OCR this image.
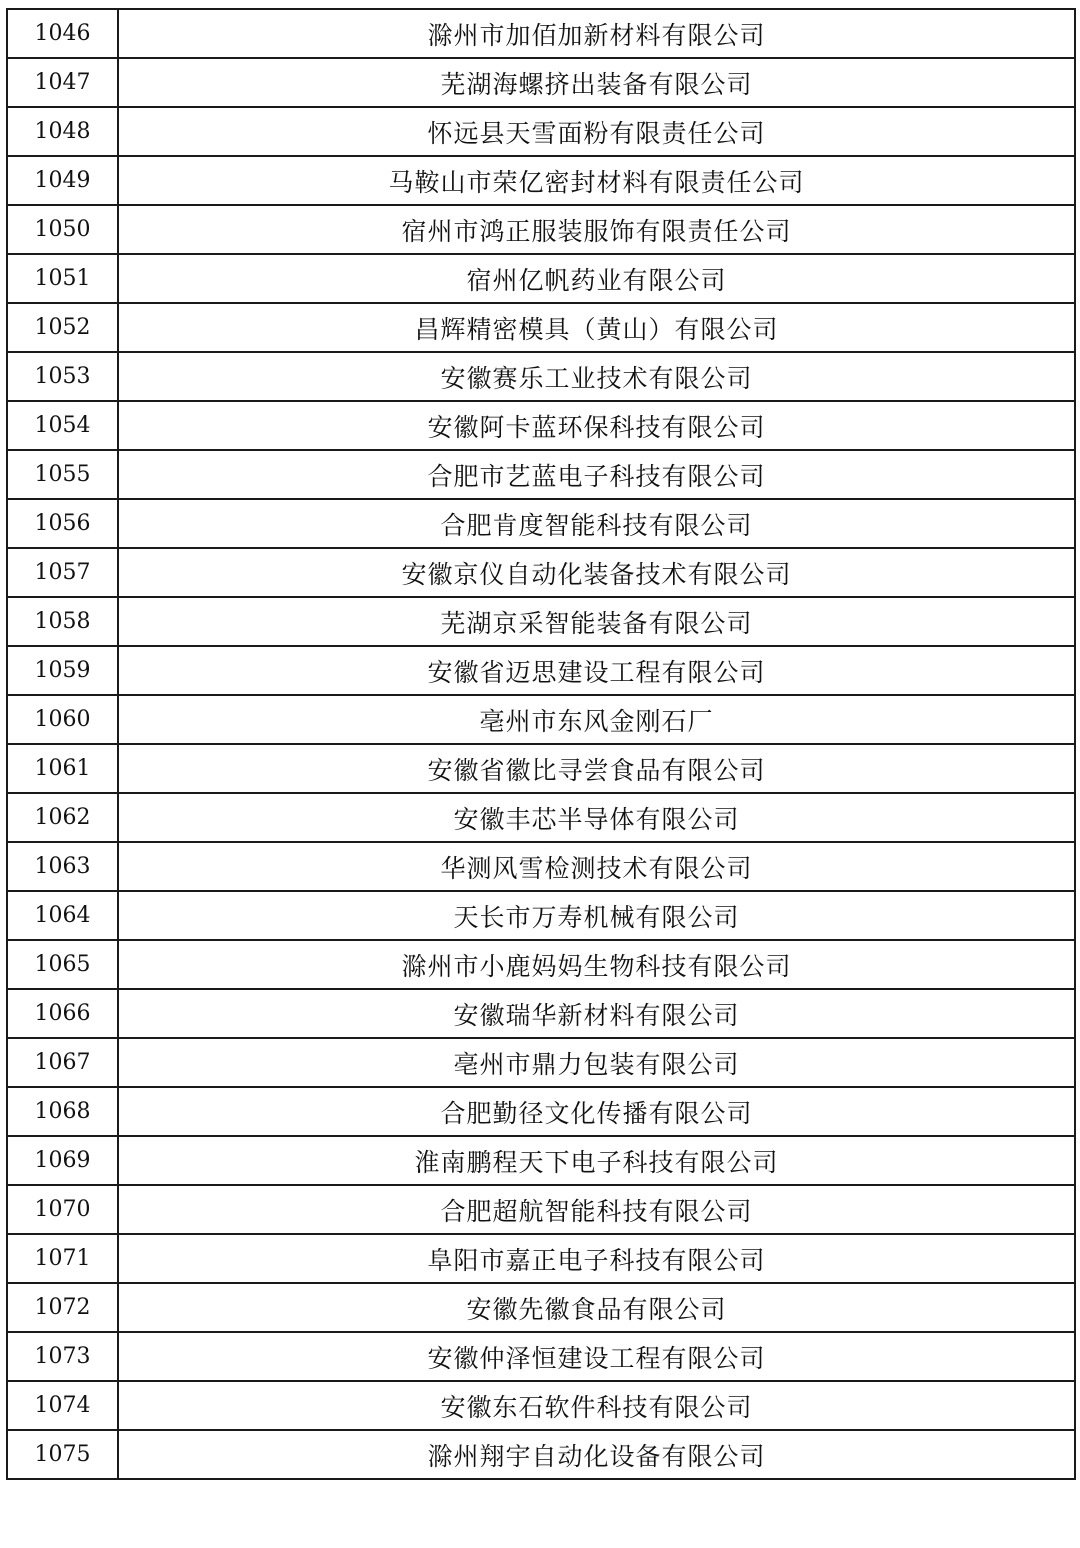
1046	滁州市加佰加新材料有限公司
1047	芜湖海螺挤出装备有限公司
1048	怀远县天雪面粉有限责任公司
1049	马鞍山市荣亿密封材料有限责任公司
1050	宿州市鸿正服装服饰有限责任公司
1051	宿州亿帆药业有限公司
1052	昌辉精密模具（黄山）有限公司
1053	安徽赛乐工业技术有限公司
1054	安徽阿卡蓝环保科技有限公司
1055	合肥市艺蓝电子科技有限公司
1056	合肥肯度智能科技有限公司
1057	安徽京仪自动化装备技术有限公司
1058	芜湖京采智能装备有限公司
1059	安徽省迈思建设工程有限公司
1060	亳州市东风金刚石厂
1061	安徽省徽比寻尝食品有限公司
1062	安徽丰芯半导体有限公司
1063	华测风雪检测技术有限公司
1064	天长市万寿机械有限公司
1065	滁州市小鹿妈妈生物科技有限公司
1066	安徽瑞华新材料有限公司
1067	亳州市鼎力包装有限公司
1068	合肥勤径文化传播有限公司
1069	淮南鹏程天下电子科技有限公司
1070	合肥超航智能科技有限公司
1071	阜阳市嘉正电子科技有限公司
1072	安徽先徽食品有限公司
1073	安徽仲泽恒建设工程有限公司
1074	安徽东石软件科技有限公司
1075	滁州翔宇自动化设备有限公司
